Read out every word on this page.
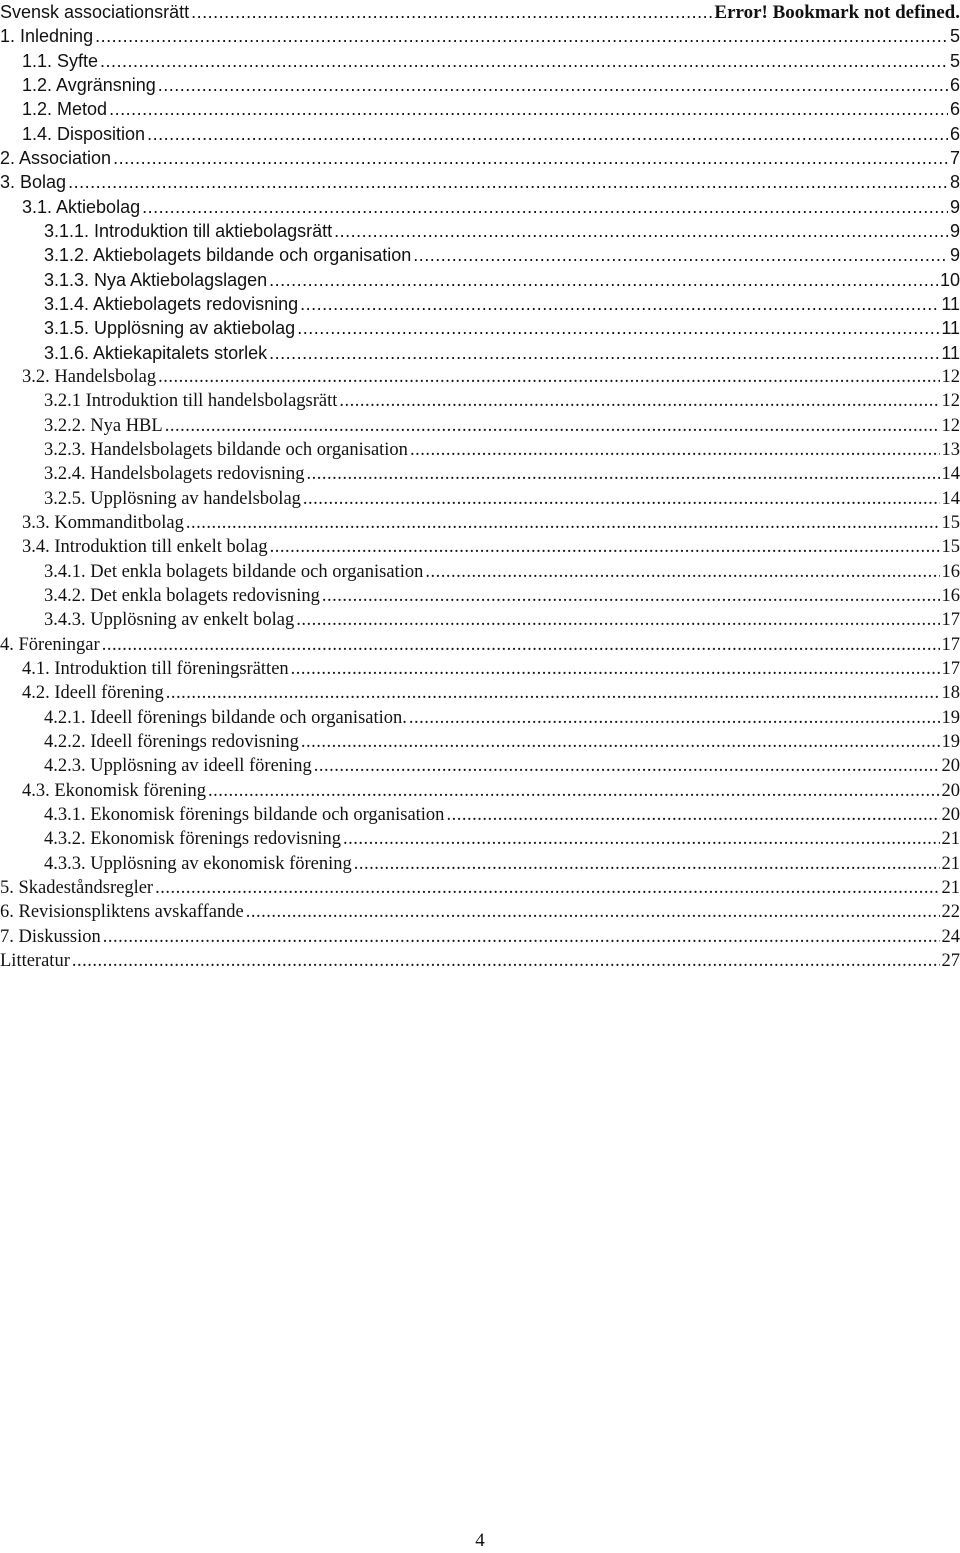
Svensk associationsrätt .....	Error! Bookmark not defined.
1. Inledning .....	5
1.1. Syfte .....	5
1.2. Avgränsning .....	6
1.2. Metod .....	6
1.4. Disposition .....	6
2. Association .....	7
3. Bolag .....	8
3.1. Aktiebolag .....	9
3.1.1. Introduktion till aktiebolagsrätt .....	9
3.1.2. Aktiebolagets bildande och organisation .....	9
3.1.3. Nya Aktiebolagslagen .....	10
3.1.4. Aktiebolagets redovisning .....	11
3.1.5. Upplösning av aktiebolag .....	11
3.1.6. Aktiekapitalets storlek .....	11
3.2. Handelsbolag .....	12
3.2.1 Introduktion till handelsbolagsrätt .....	12
3.2.2. Nya HBL .....	12
3.2.3. Handelsbolagets bildande och organisation .....	13
3.2.4. Handelsbolagets redovisning .....	14
3.2.5. Upplösning av handelsbolag .....	14
3.3. Kommanditbolag .....	15
3.4. Introduktion till enkelt bolag .....	15
3.4.1. Det enkla bolagets bildande och organisation .....	16
3.4.2. Det enkla bolagets redovisning .....	16
3.4.3. Upplösning av enkelt bolag .....	17
4. Föreningar .....	17
4.1. Introduktion till föreningsrätten .....	17
4.2. Ideell förening .....	18
4.2.1. Ideell förenings bildande och organisation. .....	19
4.2.2. Ideell förenings redovisning .....	19
4.2.3. Upplösning av ideell förening .....	20
4.3. Ekonomisk förening .....	20
4.3.1. Ekonomisk förenings bildande och organisation .....	20
4.3.2. Ekonomisk förenings redovisning .....	21
4.3.3. Upplösning av ekonomisk förening .....	21
5. Skadeståndsregler .....	21
6. Revisionspliktens avskaffande .....	22
7. Diskussion .....	24
Litteratur .....	27
4
